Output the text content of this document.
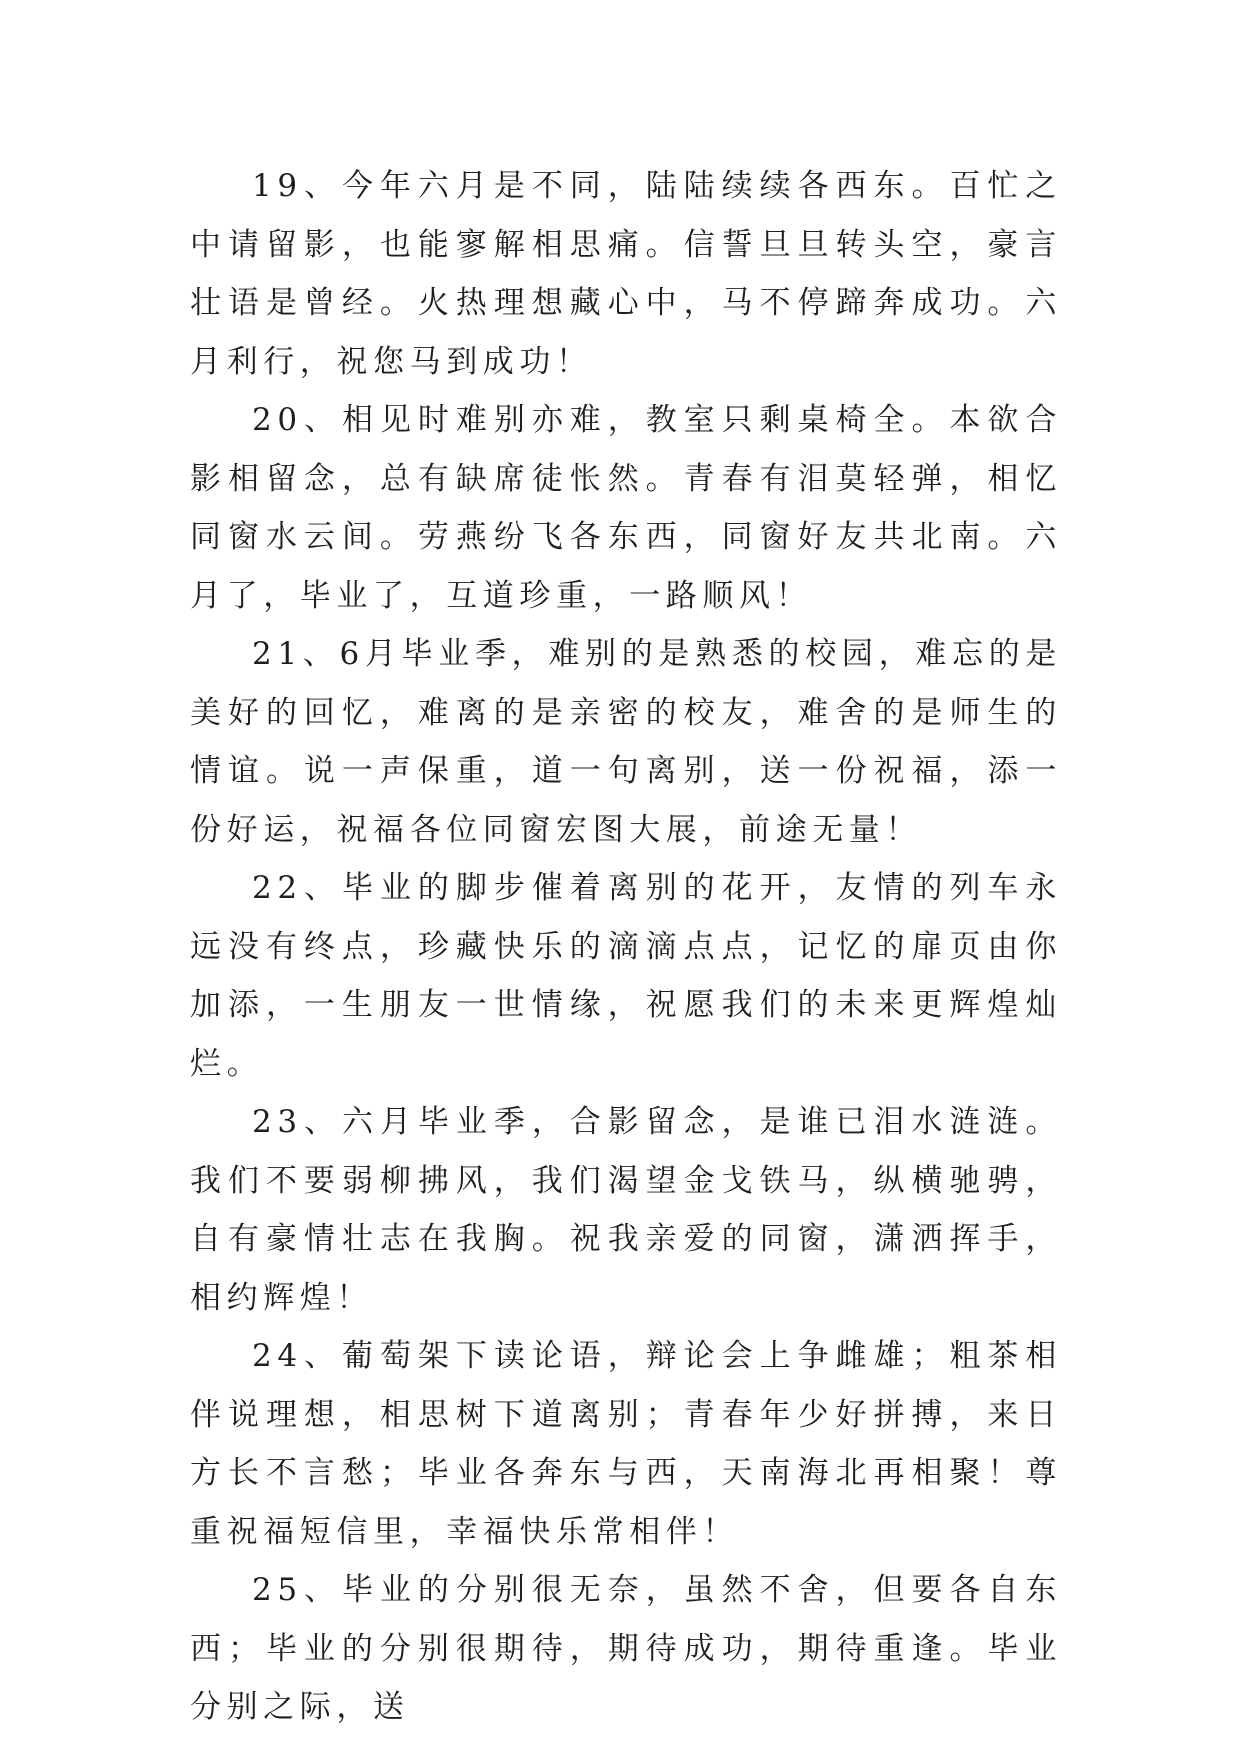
19、今年六月是不同，陆陆续续各西东。百忙之中请留影，也能寥解相思痛。信誓旦旦转头空，豪言壮语是曾经。火热理想藏心中，马不停蹄奔成功。六月利行，祝您马到成功！

20、相见时难别亦难，教室只剩桌椅全。本欲合影相留念，总有缺席徒怅然。青春有泪莫轻弹，相忆同窗水云间。劳燕纷飞各东西，同窗好友共北南。六月了，毕业了，互道珍重，一路顺风！

21、6月毕业季，难别的是熟悉的校园，难忘的是美好的回忆，难离的是亲密的校友，难舍的是师生的情谊。说一声保重，道一句离别，送一份祝福，添一份好运，祝福各位同窗宏图大展，前途无量！

22、毕业的脚步催着离别的花开，友情的列车永远没有终点，珍藏快乐的滴滴点点，记忆的扉页由你加添，一生朋友一世情缘，祝愿我们的未来更辉煌灿烂。

23、六月毕业季，合影留念，是谁已泪水涟涟。我们不要弱柳拂风，我们渴望金戈铁马，纵横驰骋，自有豪情壮志在我胸。祝我亲爱的同窗，潇洒挥手，相约辉煌！

24、葡萄架下读论语，辩论会上争雌雄；粗茶相伴说理想，相思树下道离别；青春年少好拼搏，来日方长不言愁；毕业各奔东与西，天南海北再相聚！尊重祝福短信里，幸福快乐常相伴！

25、毕业的分别很无奈，虽然不舍，但要各自东西；毕业的分别很期待，期待成功，期待重逢。毕业分别之际，送
